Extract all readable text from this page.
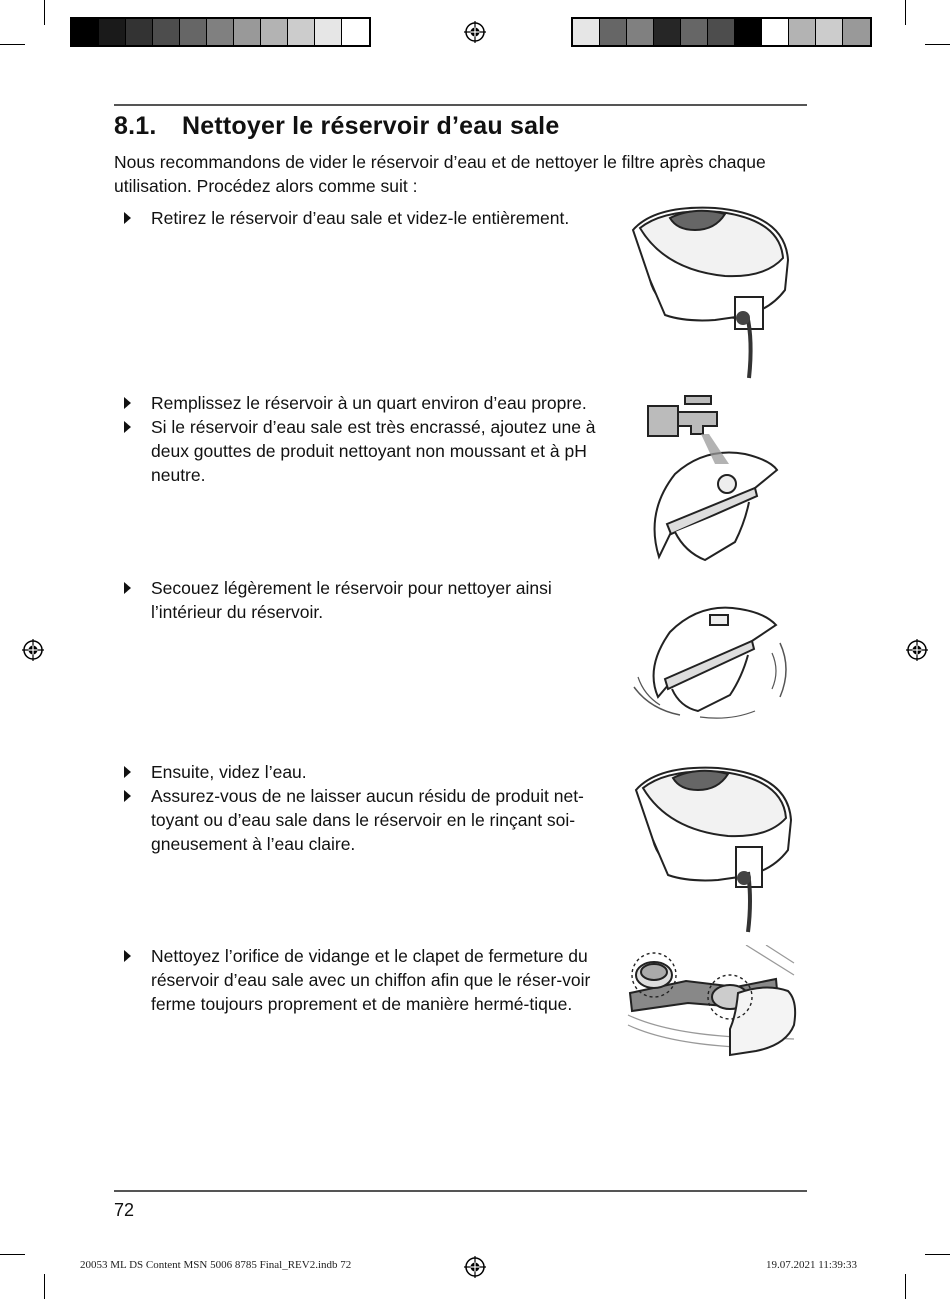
8.1. Nettoyer le réservoir d’eau sale

Nous recommandons de vider le réservoir d’eau et de nettoyer le filtre après chaque utilisation. Procédez alors comme suit :

Retirez le réservoir d’eau sale et videz-le entièrement.
Remplissez le réservoir à un quart environ d’eau propre.
Si le réservoir d’eau sale est très encrassé, ajoutez une à deux gouttes de produit nettoyant non moussant et à pH neutre.
Secouez légèrement le réservoir pour nettoyer ainsi l’intérieur du réservoir.
Ensuite, videz l’eau.
Assurez-vous de ne laisser aucun résidu de produit net-toyant ou d’eau sale dans le réservoir en le rinçant soi-gneusement à l’eau claire.
Nettoyez l’orifice de vidange et le clapet de fermeture du réservoir d’eau sale avec un chiffon afin que le réser-voir ferme toujours proprement et de manière hermé-tique.
72
20053 ML DS Content MSN 5006 8785 Final_REV2.indb 72	19.07.2021 11:39:33
